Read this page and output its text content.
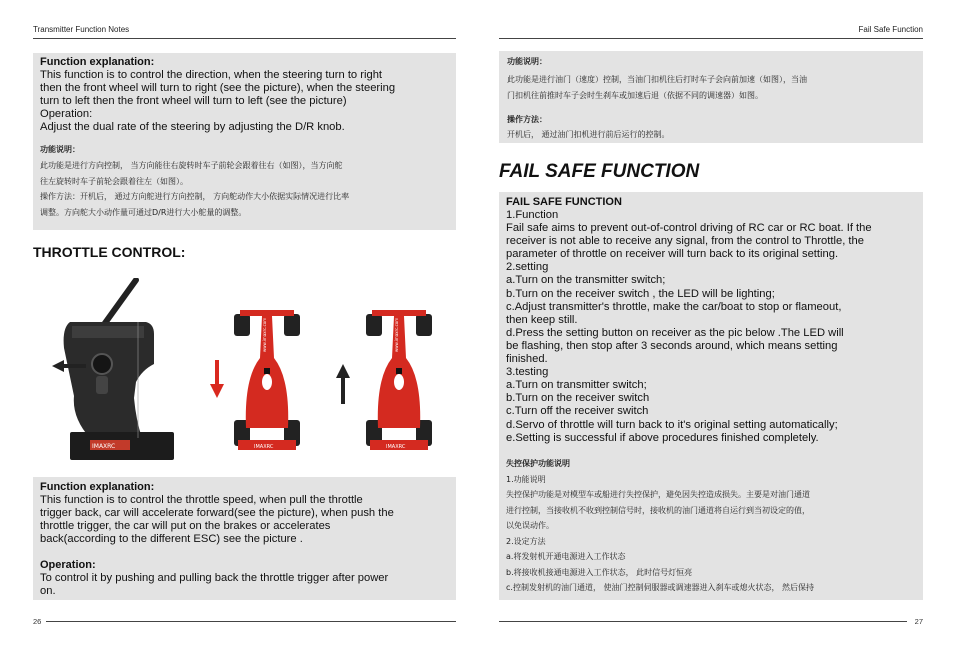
Transmitter Function Notes
Function explanation:
This function is to control the direction, when the steering turn to right
then the front wheel will turn to right (see the picture), when the steering
turn to left then the front wheel will turn to left (see the picture)
Operation:
Adjust the dual rate of the steering by adjusting the D/R knob.
功能说明：
此功能是进行方向控制， 当方向能往右旋转时车子前轮会跟着往右（如图），当方向舵
往左旋转时车子前轮会跟着往左（如图）。
操作方法：开机后， 通过方向舵进行方向控制， 方向舵动作大小依据实际情况进行比率
调整。方向舵大小动作量可通过D/R进行大小舵量的调整。
THROTTLE CONTROL:
IMAXRC
www.imaxrc.com
IMAXRC
www.imaxrc.com
IMAXRC
Function explanation:
This function is to control the throttle speed, when pull the throttle
trigger back, car will accelerate forward(see the picture), when push the
throttle trigger, the car will put on the brakes or accelerates
back(according to the different ESC) see the picture .
Operation:
To control it by pushing and pulling back the throttle trigger after power
on.
26
Fail Safe Function
功能说明：
此功能是进行油门（速度）控制，当油门扣机往后打时车子会向前加速（如图），当油
门扣机往前推时车子会时生刹车或加速后退（依据不同的调速器）如图。
操作方法：
开机后， 通过油门扣机进行前后运行的控制。
FAIL SAFE FUNCTION
FAIL SAFE FUNCTION
1.Function
Fail safe aims to prevent out-of-control driving of RC car or RC boat. If the
receiver is not able to receive any signal, from the control to Throttle, the
parameter of throttle on receiver will turn back to its original setting.
2.setting
a.Turn on the transmitter switch;
b.Turn on the receiver switch , the LED will be lighting;
c.Adjust transmitter's throttle, make the car/boat to stop or flameout,
then keep still.
d.Press the setting button on receiver as the pic below .The LED will
be flashing, then stop after 3 seconds around, which means setting
finished.
3.testing
a.Turn on transmitter switch;
b.Turn on the receiver switch
c.Turn off the receiver switch
d.Servo of throttle will turn back to it's original setting automatically;
e.Setting is successful if above procedures finished completely.
失控保护功能说明
1.功能说明
失控保护功能是对模型车或船进行失控保护，避免因失控造成损失。主要是对油门通道
进行控制，当接收机不收到控制信号时，接收机的油门通道将自运行到当初设定的值，
以免误动作。
2.设定方法
a.将发射机开通电源进入工作状态
b.将接收机接通电源进入工作状态， 此时信号灯恒亮
c.控制发射机的油门通道， 使油门控制伺服器或调速器进入刹车或熄火状态， 然后保持
27
